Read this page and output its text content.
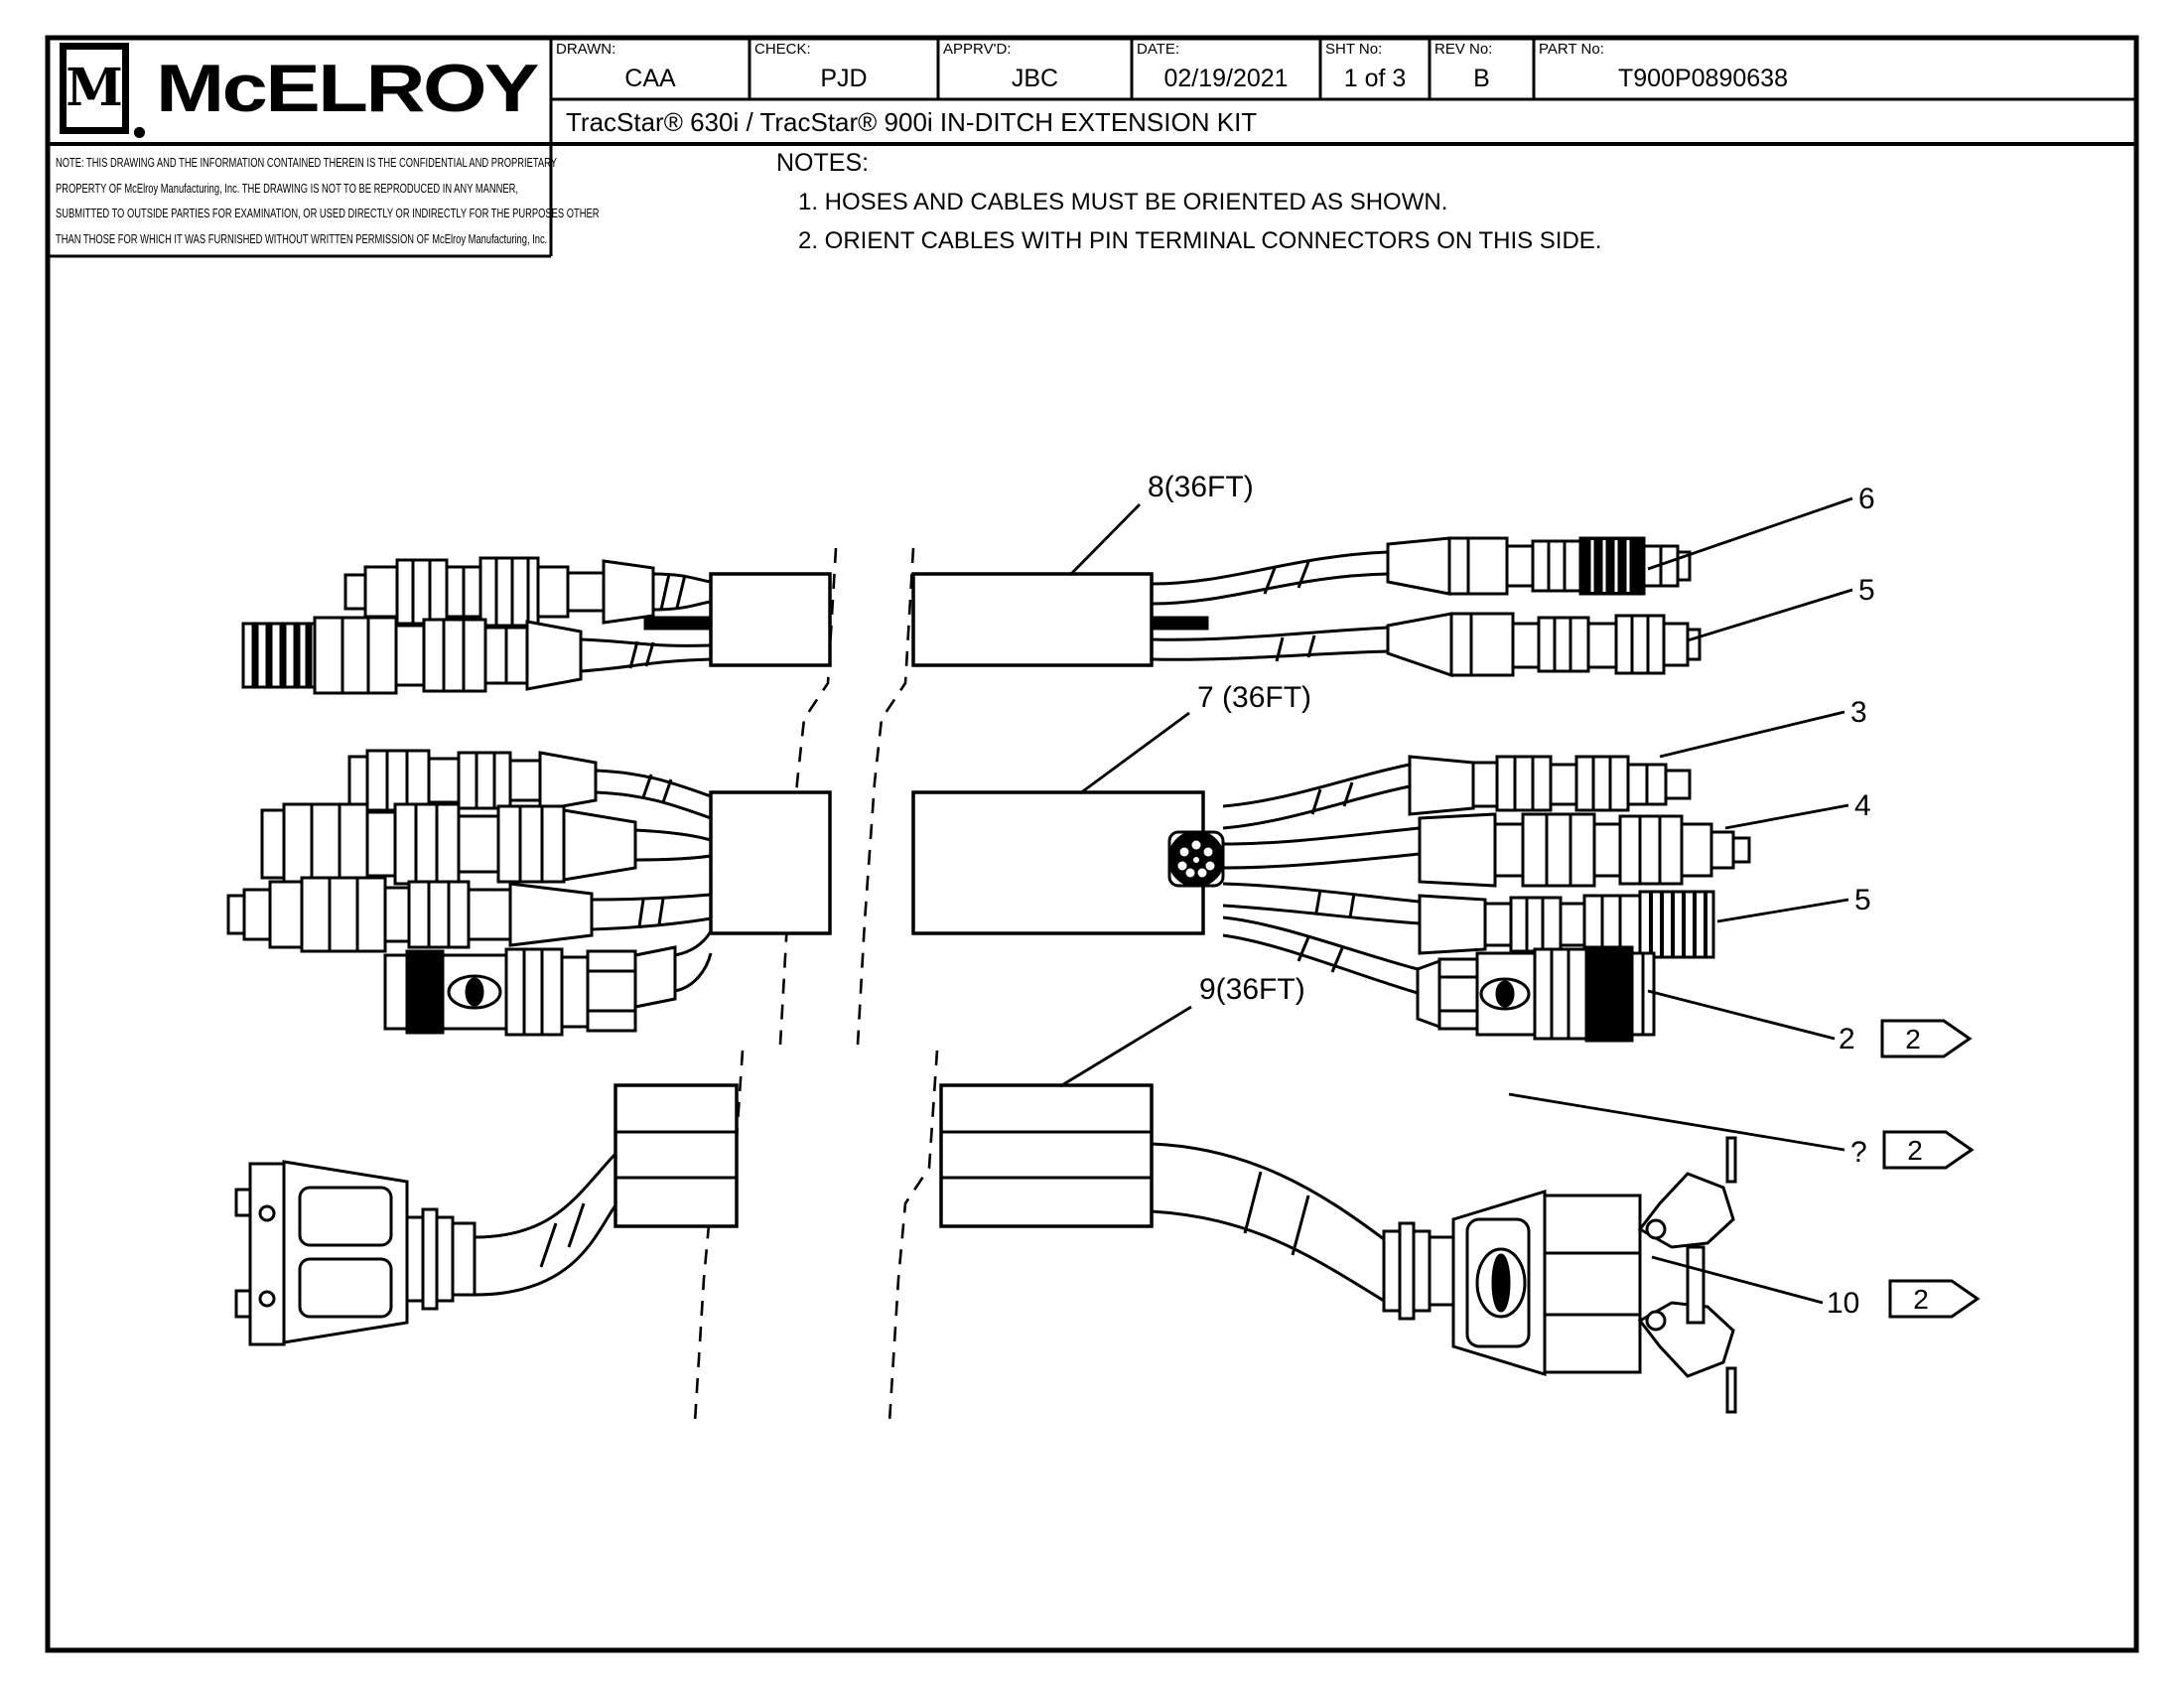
8(36FT)
7 (36FT)
9(36FT)
6
5
3
4
5
2
?
10
2
2
2
M . McELROY
DRAWN:
CAA
CHECK:
PJD
APPRV'D:
JBC
DATE:
02/19/2021
SHT No:
1 of 3
REV No:
B
PART No:
T900P0890638
TracStar® 630i / TracStar® 900i IN-DITCH EXTENSION KIT
NOTE: THIS DRAWING AND THE INFORMATION CONTAINED THEREIN IS THE CONFIDENTIAL AND PROPRIETARY
PROPERTY OF McElroy Manufacturing, Inc. THE DRAWING IS NOT TO BE REPRODUCED IN ANY MANNER,
SUBMITTED TO OUTSIDE PARTIES FOR EXAMINATION, OR USED DIRECTLY OR INDIRECTLY FOR THE PURPOSES OTHER
THAN THOSE FOR WHICH IT WAS FURNISHED WITHOUT WRITTEN PERMISSION OF McElroy Manufacturing, Inc.
NOTES:
1. HOSES AND CABLES MUST BE ORIENTED AS SHOWN.
2. ORIENT CABLES WITH PIN TERMINAL CONNECTORS ON THIS SIDE.
